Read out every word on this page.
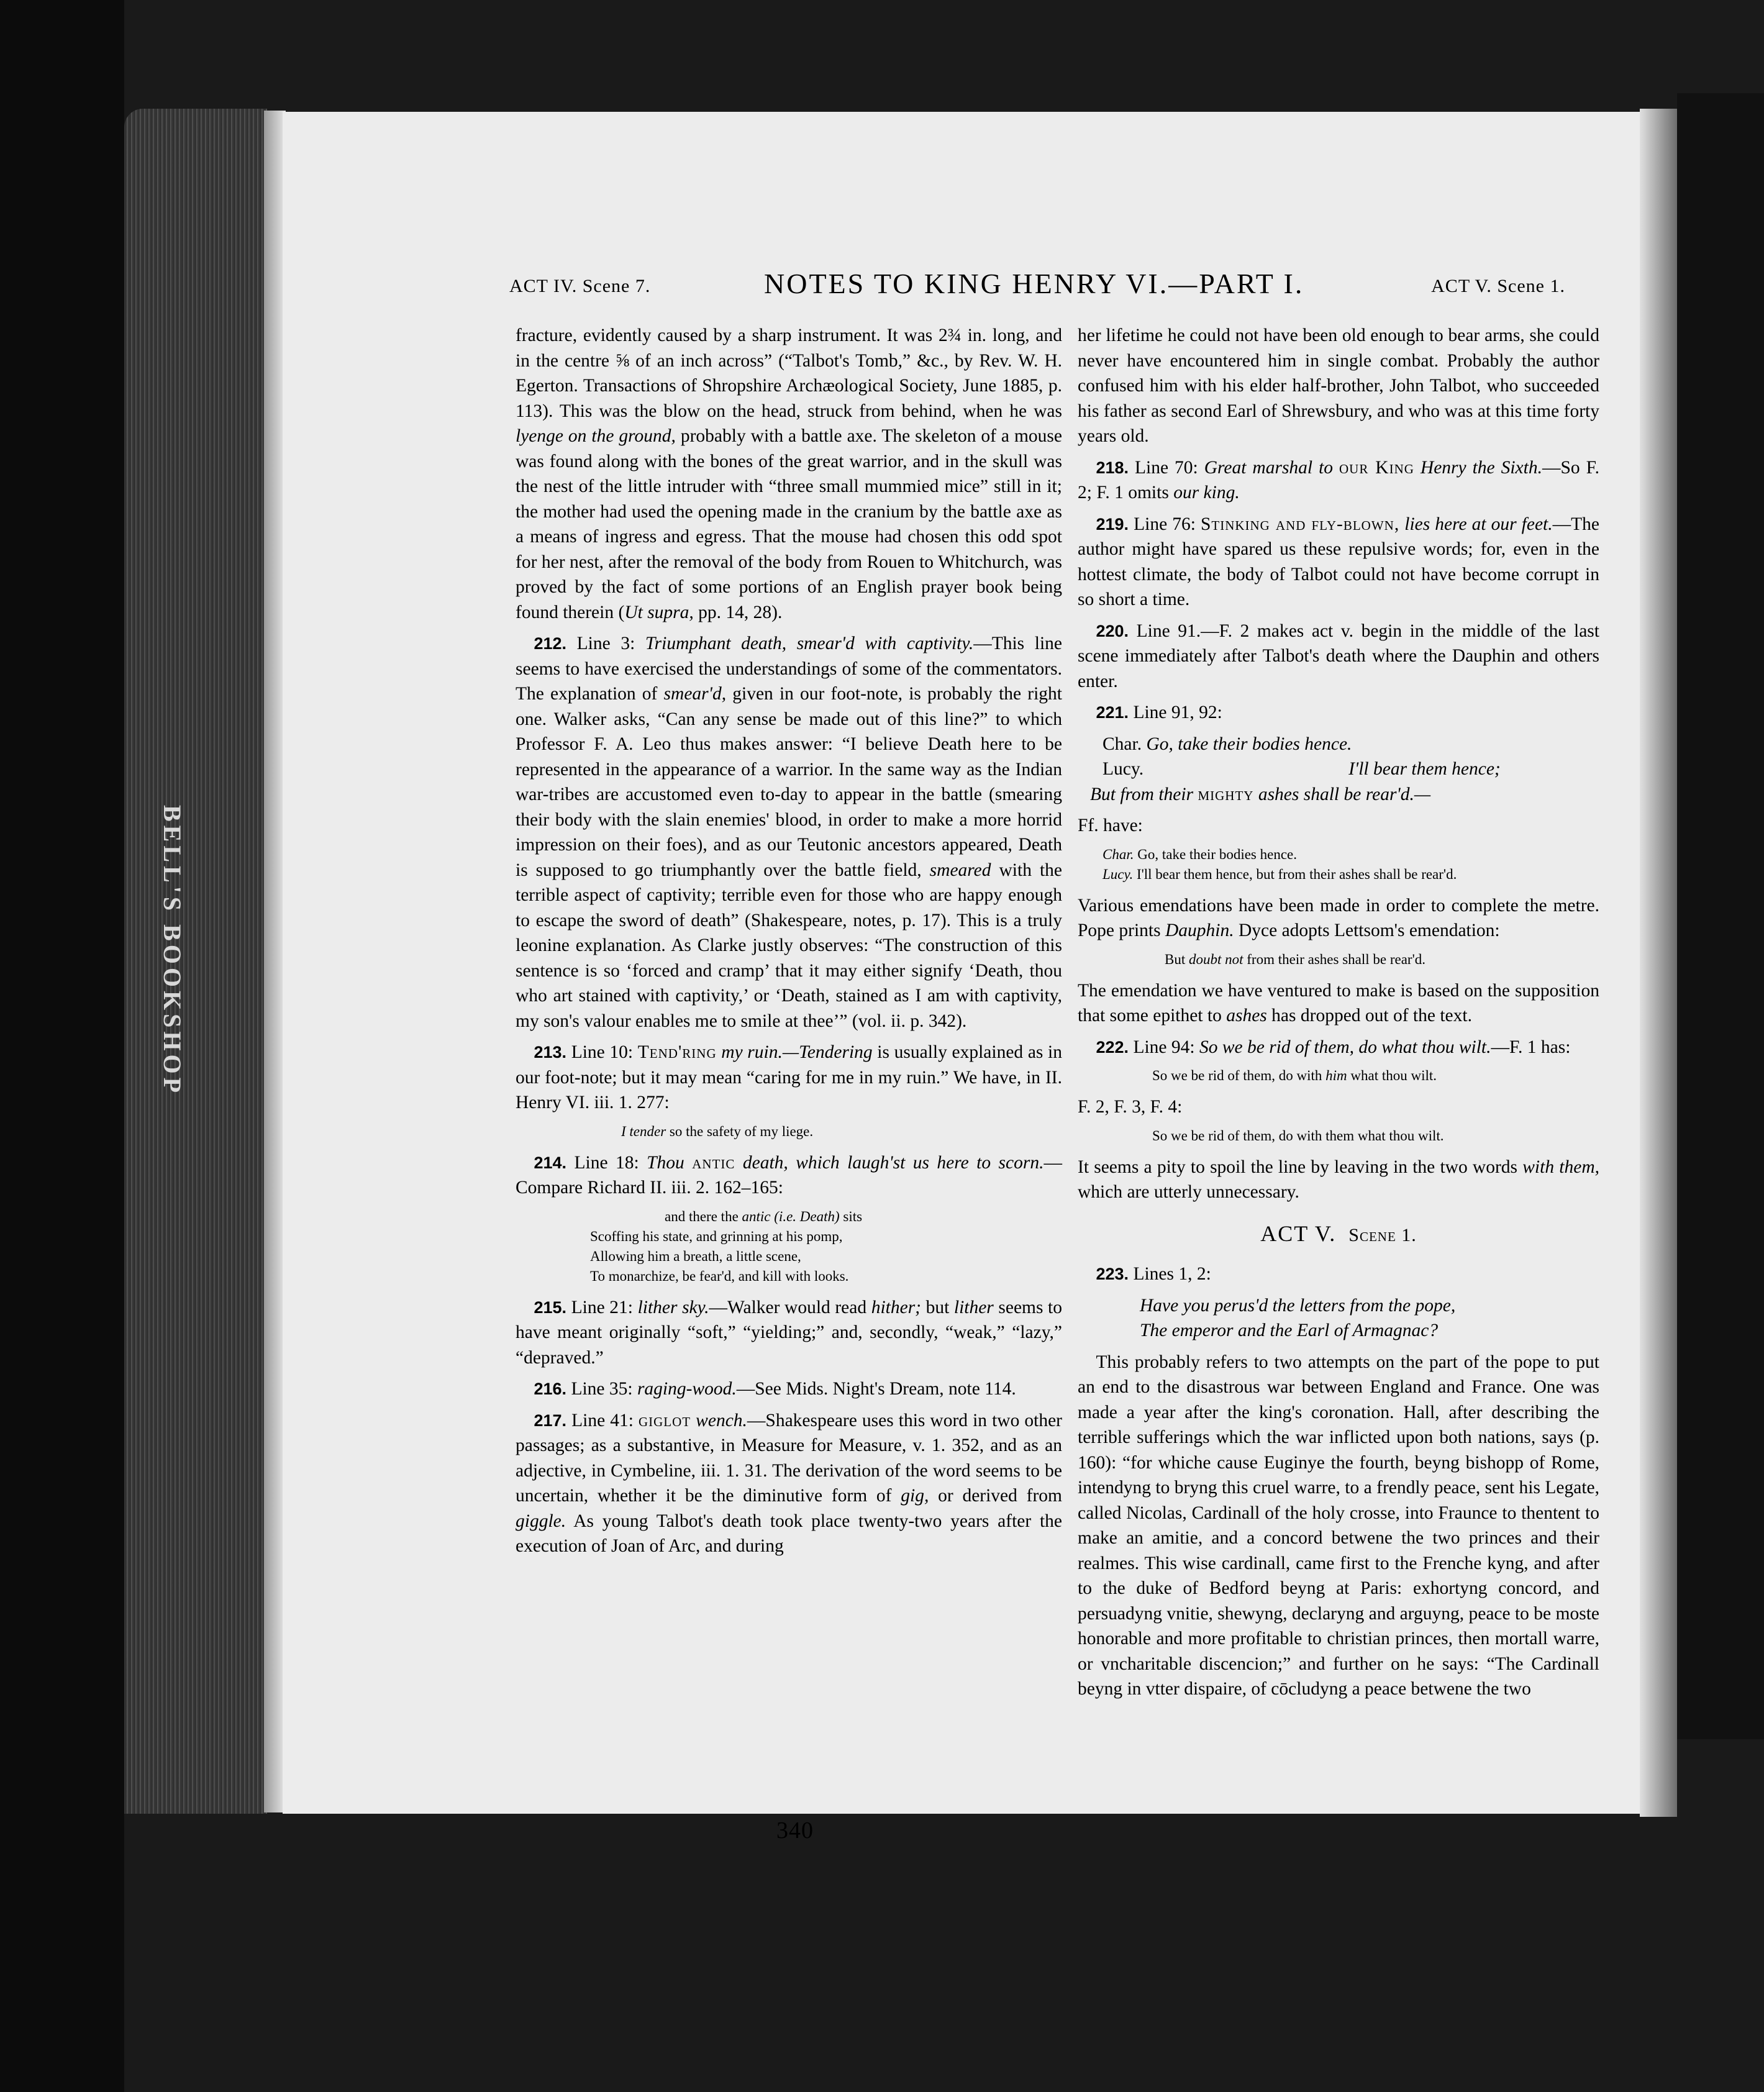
BELL'S BOOKSHOP
ACT IV. Scene 7.	NOTES TO KING HENRY VI.—PART I.	ACT V. Scene 1.

fracture, evidently caused by a sharp instrument. It was 2¾ in. long, and in the centre ⅝ of an inch across” (“Talbot's Tomb,” &c., by Rev. W. H. Egerton. Transactions of Shropshire Archæological Society, June 1885, p. 113). This was the blow on the head, struck from behind, when he was lyenge on the ground, probably with a battle axe. The skeleton of a mouse was found along with the bones of the great warrior, and in the skull was the nest of the little intruder with “three small mummied mice” still in it; the mother had used the opening made in the cranium by the battle axe as a means of ingress and egress. That the mouse had chosen this odd spot for her nest, after the removal of the body from Rouen to Whitchurch, was proved by the fact of some portions of an English prayer book being found therein (Ut supra, pp. 14, 28).

 212. Line 3: Triumphant death, smear'd with captivity.—This line seems to have exercised the understandings of some of the commentators. The explanation of smear'd, given in our foot-note, is probably the right one. Walker asks, “Can any sense be made out of this line?” to which Professor F. A. Leo thus makes answer: “I believe Death here to be represented in the appearance of a warrior. In the same way as the Indian war-tribes are accustomed even to-day to appear in the battle (smearing their body with the slain enemies' blood, in order to make a more horrid impression on their foes), and as our Teutonic ancestors appeared, Death is supposed to go triumphantly over the battle field, smeared with the terrible aspect of captivity; terrible even for those who are happy enough to escape the sword of death” (Shakespeare, notes, p. 17). This is a truly leonine explanation. As Clarke justly observes: “The construction of this sentence is so ‘forced and cramp’ that it may either signify ‘Death, thou who art stained with captivity,’ or ‘Death, stained as I am with captivity, my son's valour enables me to smile at thee’” (vol. ii. p. 342).

 213. Line 10: Tend'ring my ruin.—Tendering is usually explained as in our foot-note; but it may mean “caring for me in my ruin.” We have, in II. Henry VI. iii. 1. 277:

I tender so the safety of my liege.

 214. Line 18: Thou antic death, which laugh'st us here to scorn.—Compare Richard II. iii. 2. 162–165:

and there the antic (i.e. Death) sits
Scoffing his state, and grinning at his pomp,
Allowing him a breath, a little scene,
To monarchize, be fear'd, and kill with looks.

 215. Line 21: lither sky.—Walker would read hither; but lither seems to have meant originally “soft,” “yielding;” and, secondly, “weak,” “lazy,” “depraved.”

 216. Line 35: raging-wood.—See Mids. Night's Dream, note 114.

 217. Line 41: giglot wench.—Shakespeare uses this word in two other passages; as a substantive, in Measure for Measure, v. 1. 352, and as an adjective, in Cymbeline, iii. 1. 31. The derivation of the word seems to be uncertain, whether it be the diminutive form of gig, or derived from giggle. As young Talbot's death took place twenty-two years after the execution of Joan of Arc, and during

her lifetime he could not have been old enough to bear arms, she could never have encountered him in single combat. Probably the author confused him with his elder half-brother, John Talbot, who succeeded his father as second Earl of Shrewsbury, and who was at this time forty years old.

 218. Line 70: Great marshal to our King Henry the Sixth.—So F. 2; F. 1 omits our king.

 219. Line 76: Stinking and fly-blown, lies here at our feet.—The author might have spared us these repulsive words; for, even in the hottest climate, the body of Talbot could not have become corrupt in so short a time.

 220. Line 91.—F. 2 makes act v. begin in the middle of the last scene immediately after Talbot's death where the Dauphin and others enter.

 221. Line 91, 92:

Char. Go, take their bodies hence.
Lucy.	I'll bear them hence;
But from their mighty ashes shall be rear'd.—

Ff. have:

Char. Go, take their bodies hence.
Lucy. I'll bear them hence, but from their ashes shall be rear'd.

Various emendations have been made in order to complete the metre. Pope prints Dauphin. Dyce adopts Lettsom's emendation:

But doubt not from their ashes shall be rear'd.

The emendation we have ventured to make is based on the supposition that some epithet to ashes has dropped out of the text.

 222. Line 94: So we be rid of them, do what thou wilt.—F. 1 has:

So we be rid of them, do with him what thou wilt.

F. 2, F. 3, F. 4:

So we be rid of them, do with them what thou wilt.

It seems a pity to spoil the line by leaving in the two words with them, which are utterly unnecessary.

ACT V.  Scene 1.

 223. Lines 1, 2:

Have you perus'd the letters from the pope,
The emperor and the Earl of Armagnac?

 This probably refers to two attempts on the part of the pope to put an end to the disastrous war between England and France. One was made a year after the king's coronation. Hall, after describing the terrible sufferings which the war inflicted upon both nations, says (p. 160): “for whiche cause Euginye the fourth, beyng bishopp of Rome, intendyng to bryng this cruel warre, to a frendly peace, sent his Legate, called Nicolas, Cardinall of the holy crosse, into Fraunce to thentent to make an amitie, and a concord betwene the two princes and their realmes. This wise cardinall, came first to the Frenche kyng, and after to the duke of Bedford beyng at Paris: exhortyng concord, and persuadyng vnitie, shewyng, declaryng and arguyng, peace to be moste honorable and more profitable to christian princes, then mortall warre, or vncharitable discencion;” and further on he says: “The Cardinall beyng in vtter dispaire, of cōcludyng a peace betwene the two

340
